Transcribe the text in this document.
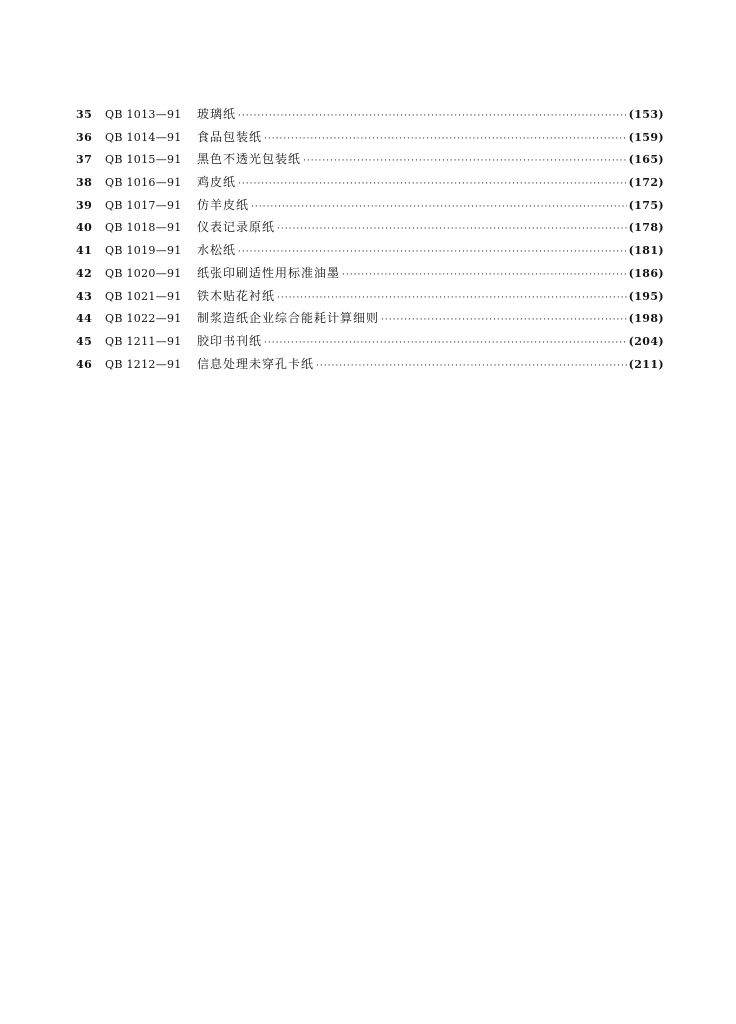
35	QB 1013—91	玻璃纸 ·····	(153)
36	QB 1014—91	食品包装纸 ·····	(159)
37	QB 1015—91	黑色不透光包装纸 ·····	(165)
38	QB 1016—91	鸡皮纸 ·····	(172)
39	QB 1017—91	仿羊皮纸 ·····	(175)
40	QB 1018—91	仪表记录原纸 ·····	(178)
41	QB 1019—91	水松纸 ·····	(181)
42	QB 1020—91	纸张印刷适性用标准油墨 ·····	(186)
43	QB 1021—91	铁木贴花衬纸 ·····	(195)
44	QB 1022—91	制浆造纸企业综合能耗计算细则 ·····	(198)
45	QB 1211—91	胶印书刊纸 ·····	(204)
46	QB 1212—91	信息处理未穿孔卡纸 ·····	(211)
